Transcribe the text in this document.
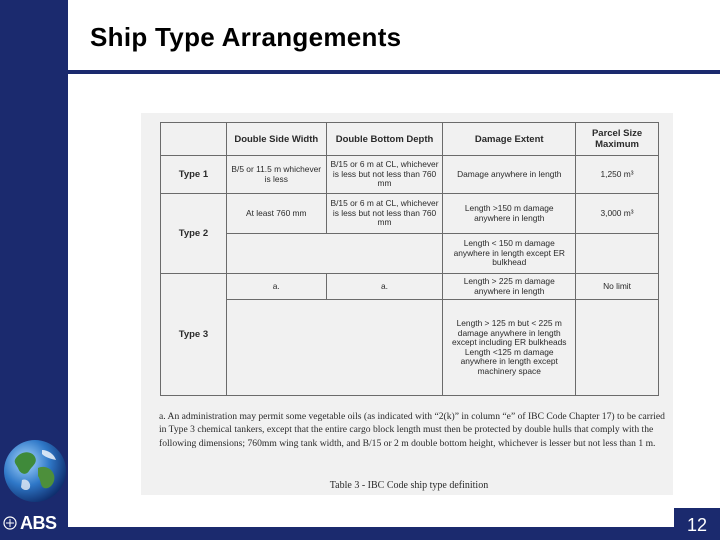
Ship Type Arrangements
ABS	12
	Double Side Width	Double Bottom Depth	Damage Extent	Parcel Size Maximum
Type 1	B/5 or 11.5 m whichever is less	B/15 or 6 m at CL, whichever is less but not less than 760 mm	Damage anywhere in length	1,250 m³
Type 2	At least 760 mm	B/15 or 6 m at CL, whichever is less but not less than 760 mm	Length >150 m damage anywhere in length	3,000 m³
			Length < 150 m damage anywhere in length except ER bulkhead	
Type 3	a.	a.	Length > 225 m damage anywhere in length	No limit
			Length > 125 m but < 225 m damage anywhere in length except including ER bulkheads Length <125 m damage anywhere in length except machinery space	
a. An administration may permit some vegetable oils (as indicated with “2(k)” in column “e” of IBC Code Chapter 17) to be carried in Type 3 chemical tankers, except that the entire cargo block length must then be protected by double hulls that comply with the following dimensions; 760mm wing tank width, and B/15 or 2 m double bottom height, whichever is lesser but not less than 1 m.
Table 3 - IBC Code ship type definition
